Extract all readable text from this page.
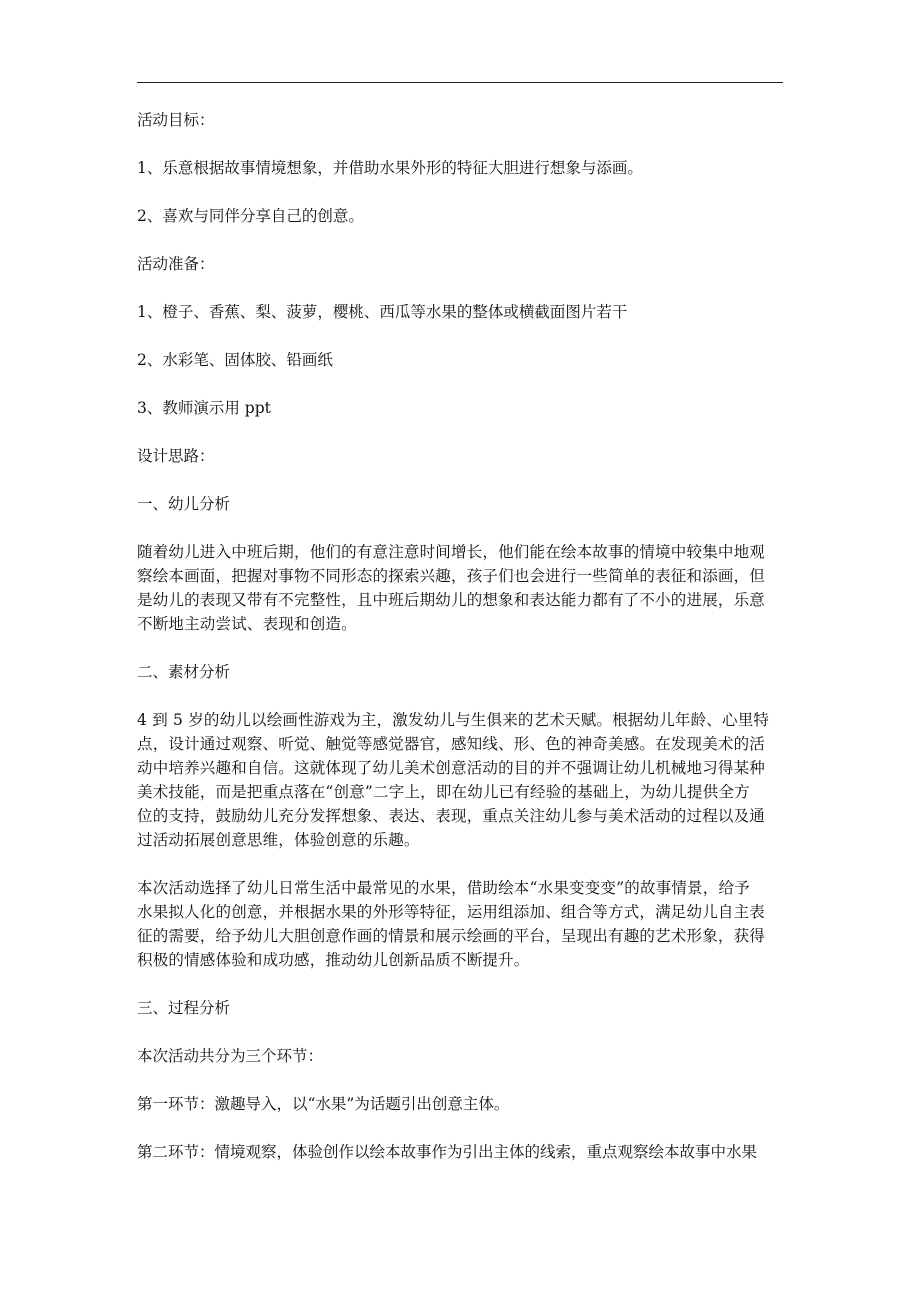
活动目标：

1、乐意根据故事情境想象，并借助水果外形的特征大胆进行想象与添画。

2、喜欢与同伴分享自己的创意。

活动准备：

1、橙子、香蕉、梨、菠萝，樱桃、西瓜等水果的整体或横截面图片若干

2、水彩笔、固体胶、铅画纸

3、教师演示用 ppt

设计思路：

一、幼儿分析

随着幼儿进入中班后期，他们的有意注意时间增长，他们能在绘本故事的情境中较集中地观

察绘本画面，把握对事物不同形态的探索兴趣，孩子们也会进行一些简单的表征和添画，但

是幼儿的表现又带有不完整性，且中班后期幼儿的想象和表达能力都有了不小的进展，乐意

不断地主动尝试、表现和创造。

二、素材分析

4 到 5 岁的幼儿以绘画性游戏为主，激发幼儿与生俱来的艺术天赋。根据幼儿年龄、心里特

点，设计通过观察、听觉、触觉等感觉器官，感知线、形、色的神奇美感。在发现美术的活

动中培养兴趣和自信。这就体现了幼儿美术创意活动的目的并不强调让幼儿机械地习得某种

美术技能，而是把重点落在“创意”二字上，即在幼儿已有经验的基础上，为幼儿提供全方

位的支持，鼓励幼儿充分发挥想象、表达、表现，重点关注幼儿参与美术活动的过程以及通

过活动拓展创意思维，体验创意的乐趣。

本次活动选择了幼儿日常生活中最常见的水果，借助绘本“水果变变变”的故事情景，给予

水果拟人化的创意，并根据水果的外形等特征，运用组添加、组合等方式，满足幼儿自主表

征的需要，给予幼儿大胆创意作画的情景和展示绘画的平台，呈现出有趣的艺术形象，获得

积极的情感体验和成功感，推动幼儿创新品质不断提升。

三、过程分析

本次活动共分为三个环节：

第一环节：激趣导入，以“水果”为话题引出创意主体。

第二环节：情境观察，体验创作以绘本故事作为引出主体的线索，重点观察绘本故事中水果
